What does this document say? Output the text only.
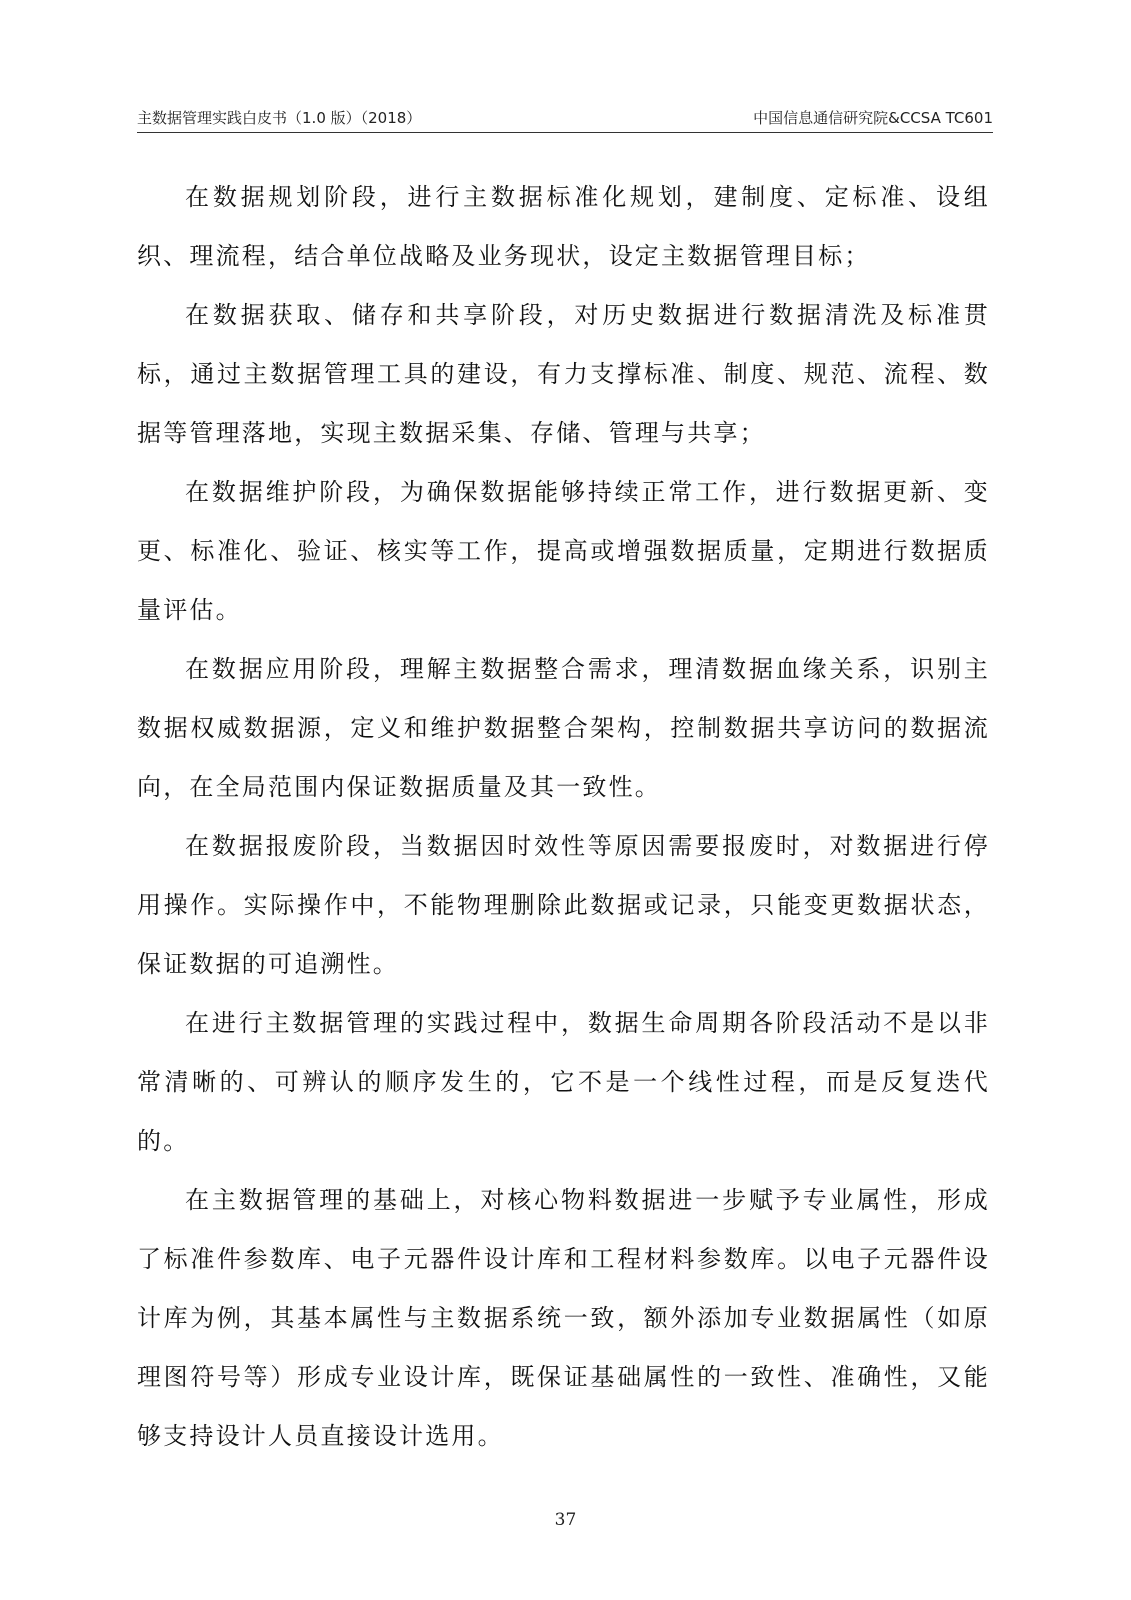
主数据管理实践白皮书（1.0 版）（2018）	中国信息通信研究院&CCSA TC601

在数据规划阶段，进行主数据标准化规划，建制度、定标准、设组织、理流程，结合单位战略及业务现状，设定主数据管理目标；

在数据获取、储存和共享阶段，对历史数据进行数据清洗及标准贯标，通过主数据管理工具的建设，有力支撑标准、制度、规范、流程、数据等管理落地，实现主数据采集、存储、管理与共享；

在数据维护阶段，为确保数据能够持续正常工作，进行数据更新、变更、标准化、验证、核实等工作，提高或增强数据质量，定期进行数据质量评估。

在数据应用阶段，理解主数据整合需求，理清数据血缘关系，识别主数据权威数据源，定义和维护数据整合架构，控制数据共享访问的数据流向，在全局范围内保证数据质量及其一致性。

在数据报废阶段，当数据因时效性等原因需要报废时，对数据进行停用操作。实际操作中，不能物理删除此数据或记录，只能变更数据状态，保证数据的可追溯性。

在进行主数据管理的实践过程中，数据生命周期各阶段活动不是以非常清晰的、可辨认的顺序发生的，它不是一个线性过程，而是反复迭代的。

在主数据管理的基础上，对核心物料数据进一步赋予专业属性，形成了标准件参数库、电子元器件设计库和工程材料参数库。以电子元器件设计库为例，其基本属性与主数据系统一致，额外添加专业数据属性（如原理图符号等）形成专业设计库，既保证基础属性的一致性、准确性，又能够支持设计人员直接设计选用。

37
